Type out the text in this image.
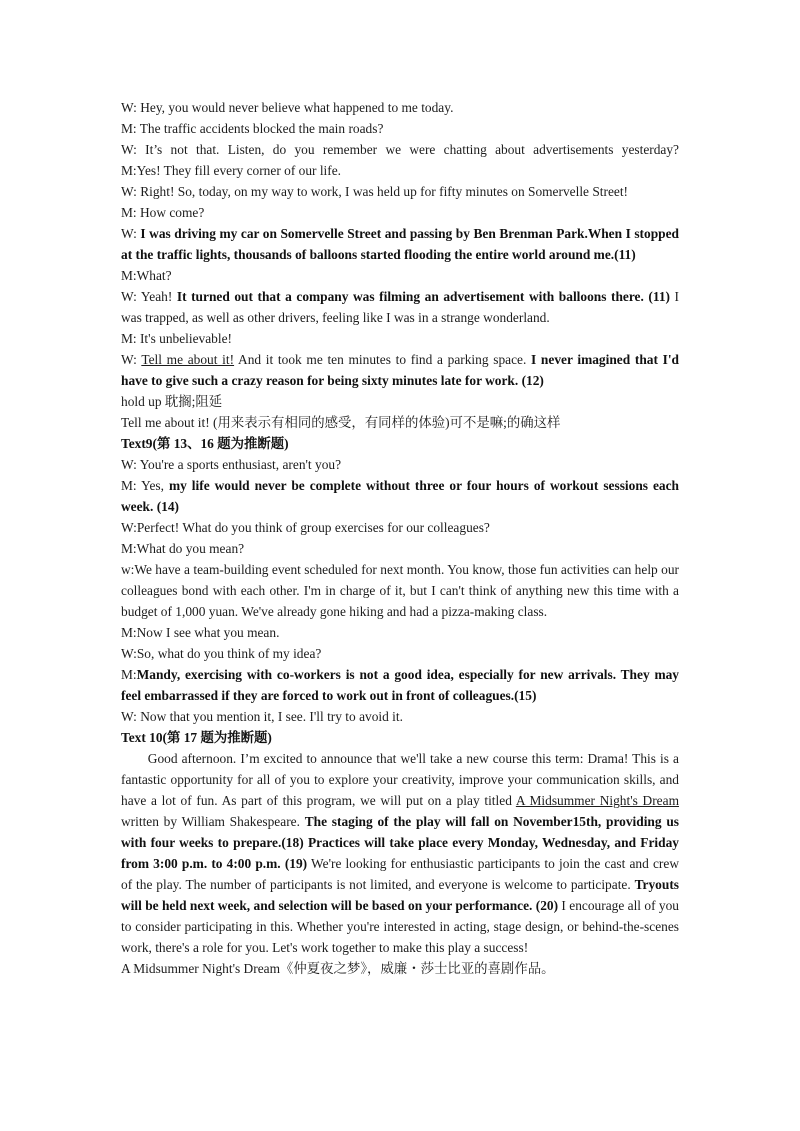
W: Hey, you would never believe what happened to me today.
M: The traffic accidents blocked the main roads?
W: It’s not that. Listen, do you remember we were chatting about advertisements yesterday?
M:Yes! They fill every corner of our life.
W: Right! So, today, on my way to work, I was held up for fifty minutes on Somervelle Street!
M: How come?
W: I was driving my car on Somervelle Street and passing by Ben Brenman Park.When I stopped at the traffic lights, thousands of balloons started flooding the entire world around me.(11)
M:What?
W: Yeah! It turned out that a company was filming an advertisement with balloons there. (11) I was trapped, as well as other drivers, feeling like I was in a strange wonderland.
M: It's unbelievable!
W: Tell me about it! And it took me ten minutes to find a parking space. I never imagined that I'd have to give such a crazy reason for being sixty minutes late for work. (12)
hold up 耽搁;阻延
Tell me about it! (用来表示有相同的感受，有同样的体验)可不是嘛;的确这样
Text9(第 13、16 题为推断题)
W: You're a sports enthusiast, aren't you?
M: Yes, my life would never be complete without three or four hours of workout sessions each week. (14)
W:Perfect! What do you think of group exercises for our colleagues?
M:What do you mean?
w:We have a team-building event scheduled for next month. You know, those fun activities can help our colleagues bond with each other. I'm in charge of it, but I can't think of anything new this time with a budget of 1,000 yuan. We've already gone hiking and had a pizza-making class.
M:Now I see what you mean.
W:So, what do you think of my idea?
M:Mandy, exercising with co-workers is not a good idea, especially for new arrivals. They may feel embarrassed if they are forced to work out in front of colleagues.(15)
W: Now that you mention it, I see. I'll try to avoid it.
Text 10(第 17 题为推断题)
Good afternoon. I’m excited to announce that we'll take a new course this term: Drama! This is a fantastic opportunity for all of you to explore your creativity, improve your communication skills, and have a lot of fun. As part of this program, we will put on a play titled A Midsummer Night's Dream written by William Shakespeare. The staging of the play will fall on November15th, providing us with four weeks to prepare.(18) Practices will take place every Monday, Wednesday, and Friday from 3:00 p.m. to 4:00 p.m. (19) We're looking for enthusiastic participants to join the cast and crew of the play. The number of participants is not limited, and everyone is welcome to participate. Tryouts will be held next week, and selection will be based on your performance. (20) I encourage all of you to consider participating in this. Whether you're interested in acting, stage design, or behind-the-scenes work, there's a role for you. Let's work together to make this play a success!
A Midsummer Night's Dream《仲夏夜之梦》，威廉・莎士比亚的喜剧作品。
